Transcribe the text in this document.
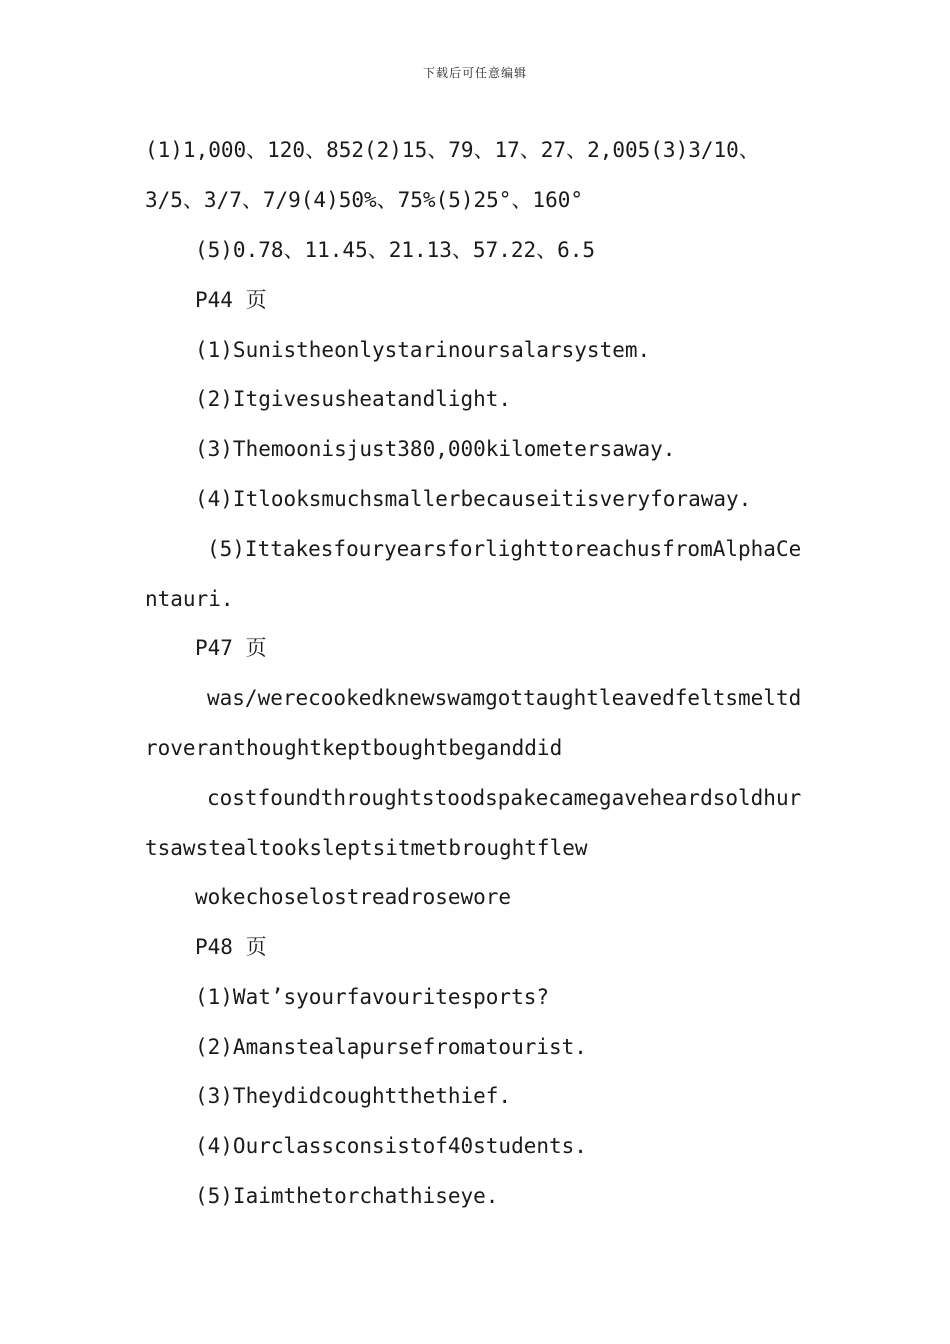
下载后可任意编辑
(1)1,000、120、852(2)15、79、17、27、2,005(3)3/10、
3/5、3/7、7/9(4)50%、75%(5)25°、160°
(5)0.78、11.45、21.13、57.22、6.5
P44 页
(1)Sunistheonlystarinoursalarsystem.
(2)Itgivesusheatandlight.
(3)Themoonisjust380,000kilometersaway.
(4)Itlooksmuchsmallerbecauseitisveryforaway.
(5)IttakesfouryearsforlighttoreachusfromAlphaCe
ntauri.
P47 页
was/werecookedknewswamgottaughtleavedfeltsmeltd
roveranthoughtkeptboughtbeganddid
costfoundthroughtstoodspakecamegaveheardsoldhur
tsawstealtooksleptsitmetbroughtflew
wokechoselostreadrosewore
P48 页
(1)Wat’syourfavouritesports?
(2)Amanstealapursefromatourist.
(3)Theydidcoughtthethief.
(4)Ourclassconsistof40students.
(5)Iaimthetorchathiseye.
